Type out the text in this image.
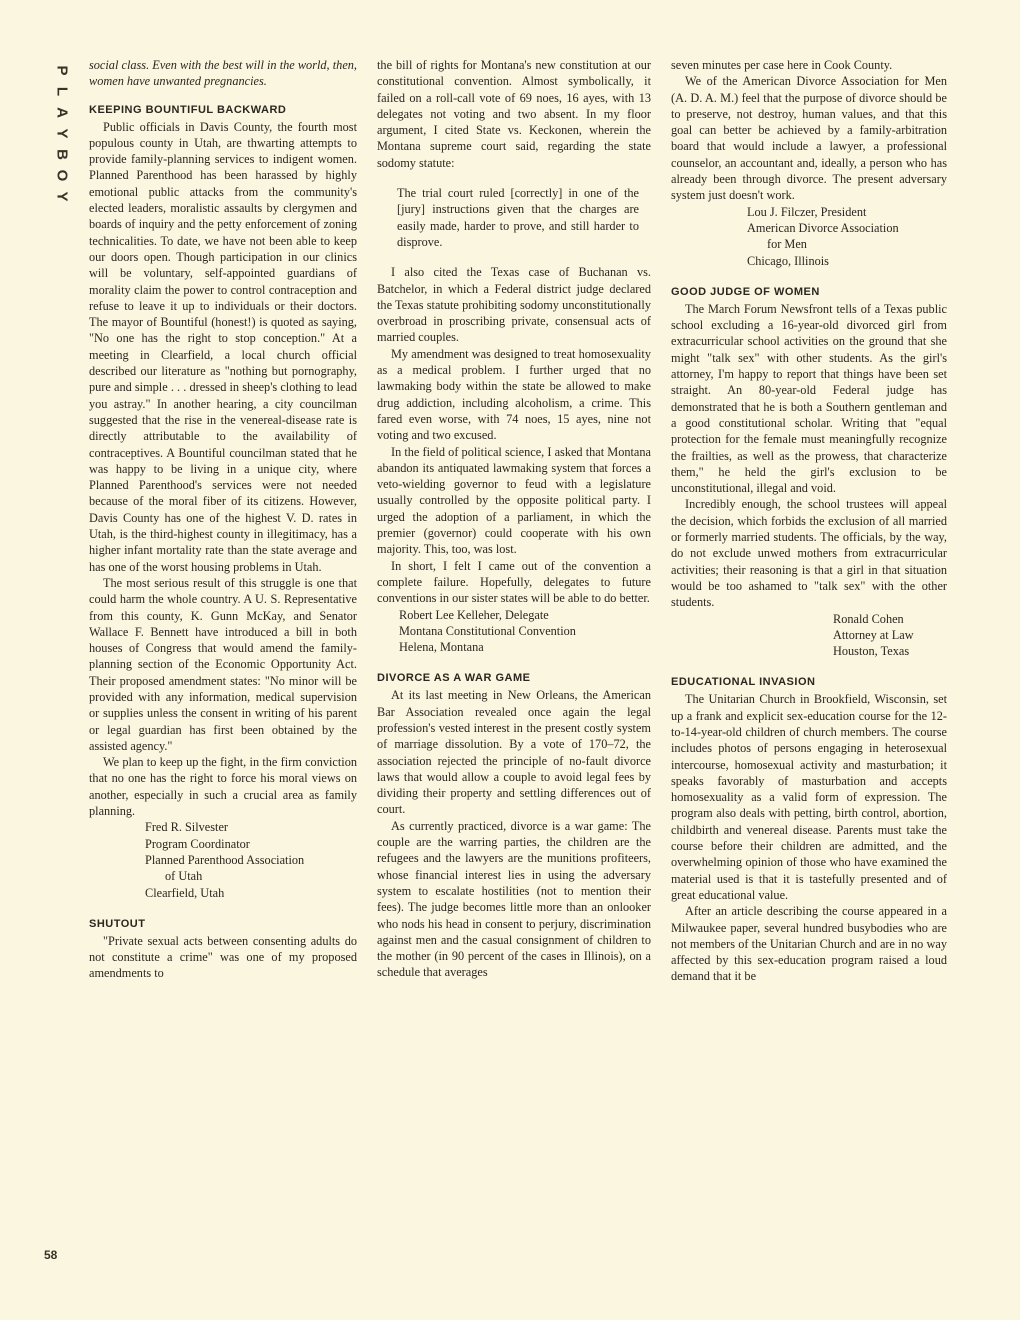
P
L
A
Y
B
O
Y
58

social class. Even with the best will in the world, then, women have unwanted pregnancies.

KEEPING BOUNTIFUL BACKWARD

Public officials in Davis County, the fourth most populous county in Utah, are thwarting attempts to provide family-planning services to indigent women. Planned Parenthood has been harassed by highly emotional public attacks from the community's elected leaders, moralistic assaults by clergymen and boards of inquiry and the petty enforcement of zoning technicalities. To date, we have not been able to keep our doors open. Though participation in our clinics will be voluntary, self-appointed guardians of morality claim the power to control contraception and refuse to leave it up to individuals or their doctors. The mayor of Bountiful (honest!) is quoted as saying, "No one has the right to stop conception." At a meeting in Clearfield, a local church official described our literature as "nothing but pornography, pure and simple . . . dressed in sheep's clothing to lead you astray." In another hearing, a city councilman suggested that the rise in the venereal-disease rate is directly attributable to the availability of contraceptives. A Bountiful councilman stated that he was happy to be living in a unique city, where Planned Parenthood's services were not needed because of the moral fiber of its citizens. However, Davis County has one of the highest V. D. rates in Utah, is the third-highest county in illegitimacy, has a higher infant mortality rate than the state average and has one of the worst housing problems in Utah.

The most serious result of this struggle is one that could harm the whole country. A U. S. Representative from this county, K. Gunn McKay, and Senator Wallace F. Bennett have introduced a bill in both houses of Congress that would amend the family-planning section of the Economic Opportunity Act. Their proposed amendment states: "No minor will be provided with any information, medical supervision or supplies unless the consent in writing of his parent or legal guardian has first been obtained by the assisted agency."

We plan to keep up the fight, in the firm conviction that no one has the right to force his moral views on another, especially in such a crucial area as family planning.

Fred R. Silvester
Program Coordinator
Planned Parenthood Association
of Utah
Clearfield, Utah
SHUTOUT

"Private sexual acts between consenting adults do not constitute a crime" was one of my proposed amendments to

the bill of rights for Montana's new constitution at our constitutional convention. Almost symbolically, it failed on a roll-call vote of 69 noes, 16 ayes, with 13 delegates not voting and two absent. In my floor argument, I cited State vs. Keckonen, wherein the Montana supreme court said, regarding the state sodomy statute:

The trial court ruled [correctly] in one of the [jury] instructions given that the charges are easily made, harder to prove, and still harder to disprove.

I also cited the Texas case of Buchanan vs. Batchelor, in which a Federal district judge declared the Texas statute prohibiting sodomy unconstitutionally overbroad in proscribing private, consensual acts of married couples.

My amendment was designed to treat homosexuality as a medical problem. I further urged that no lawmaking body within the state be allowed to make drug addiction, including alcoholism, a crime. This fared even worse, with 74 noes, 15 ayes, nine not voting and two excused.

In the field of political science, I asked that Montana abandon its antiquated lawmaking system that forces a veto-wielding governor to feud with a legislature usually controlled by the opposite political party. I urged the adoption of a parliament, in which the premier (governor) could cooperate with his own majority. This, too, was lost.

In short, I felt I came out of the convention a complete failure. Hopefully, delegates to future conventions in our sister states will be able to do better.

Robert Lee Kelleher, Delegate
Montana Constitutional Convention
Helena, Montana
DIVORCE AS A WAR GAME

At its last meeting in New Orleans, the American Bar Association revealed once again the legal profession's vested interest in the present costly system of marriage dissolution. By a vote of 170–72, the association rejected the principle of no-fault divorce laws that would allow a couple to avoid legal fees by dividing their property and settling differences out of court.

As currently practiced, divorce is a war game: The couple are the warring parties, the children are the refugees and the lawyers are the munitions profiteers, whose financial interest lies in using the adversary system to escalate hostilities (not to mention their fees). The judge becomes little more than an onlooker who nods his head in consent to perjury, discrimination against men and the casual consignment of children to the mother (in 90 percent of the cases in Illinois), on a schedule that averages

seven minutes per case here in Cook County.

We of the American Divorce Association for Men (A. D. A. M.) feel that the purpose of divorce should be to preserve, not destroy, human values, and that this goal can better be achieved by a family-arbitration board that would include a lawyer, a professional counselor, an accountant and, ideally, a person who has already been through divorce. The present adversary system just doesn't work.

Lou J. Filczer, President
American Divorce Association
for Men
Chicago, Illinois
GOOD JUDGE OF WOMEN

The March Forum Newsfront tells of a Texas public school excluding a 16-year-old divorced girl from extracurricular school activities on the ground that she might "talk sex" with other students. As the girl's attorney, I'm happy to report that things have been set straight. An 80-year-old Federal judge has demonstrated that he is both a Southern gentleman and a good constitutional scholar. Writing that "equal protection for the female must meaningfully recognize the frailties, as well as the prowess, that characterize them," he held the girl's exclusion to be unconstitutional, illegal and void.

Incredibly enough, the school trustees will appeal the decision, which forbids the exclusion of all married or formerly married students. The officials, by the way, do not exclude unwed mothers from extracurricular activities; their reasoning is that a girl in that situation would be too ashamed to "talk sex" with the other students.

Ronald Cohen
Attorney at Law
Houston, Texas
EDUCATIONAL INVASION

The Unitarian Church in Brookfield, Wisconsin, set up a frank and explicit sex-education course for the 12-to-14-year-old children of church members. The course includes photos of persons engaging in heterosexual intercourse, homosexual activity and masturbation; it speaks favorably of masturbation and accepts homosexuality as a valid form of expression. The program also deals with petting, birth control, abortion, childbirth and venereal disease. Parents must take the course before their children are admitted, and the overwhelming opinion of those who have examined the material used is that it is tastefully presented and of great educational value.

After an article describing the course appeared in a Milwaukee paper, several hundred busybodies who are not members of the Unitarian Church and are in no way affected by this sex-education program raised a loud demand that it be
